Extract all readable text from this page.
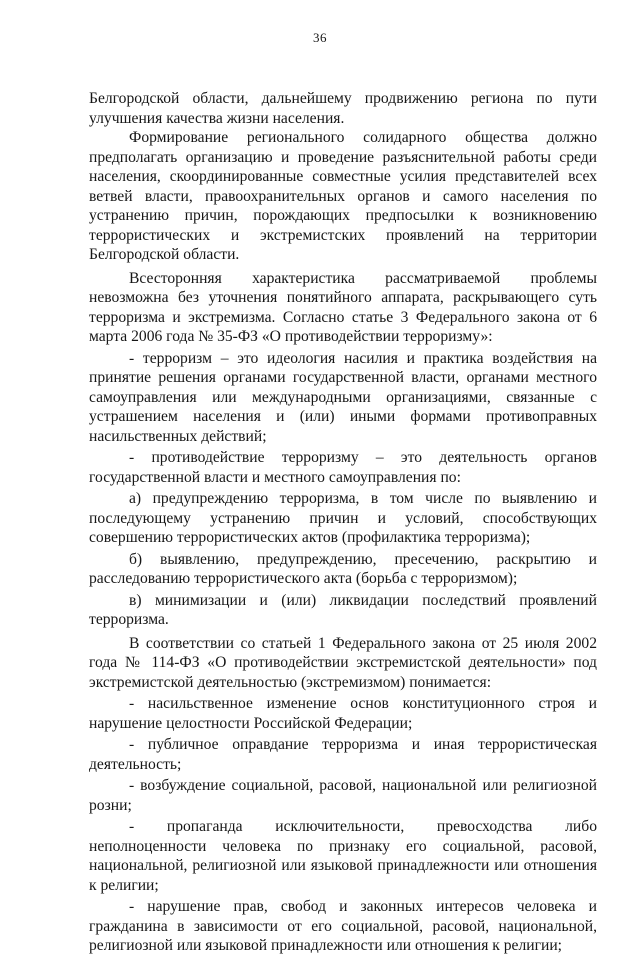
36

Белгородской области, дальнейшему продвижению региона по пути улучшения качества жизни населения.

Формирование регионального солидарного общества должно предполагать организацию и проведение разъяснительной работы среди населения, скоординированные совместные усилия представителей всех ветвей власти, правоохранительных органов и самого населения по устранению причин, порождающих предпосылки к возникновению террористических и экстремистских проявлений на территории Белгородской области.

Всесторонняя характеристика рассматриваемой проблемы невозможна без уточнения понятийного аппарата, раскрывающего суть терроризма и экстремизма. Согласно статье 3 Федерального закона от 6 марта 2006 года № 35-ФЗ «О противодействии терроризму»:

- терроризм – это идеология насилия и практика воздействия на принятие решения органами государственной власти, органами местного самоуправления или международными организациями, связанные с устрашением населения и (или) иными формами противоправных насильственных действий;

- противодействие терроризму – это деятельность органов государственной власти и местного самоуправления по:

а) предупреждению терроризма, в том числе по выявлению и последующему устранению причин и условий, способствующих совершению террористических актов (профилактика терроризма);

б) выявлению, предупреждению, пресечению, раскрытию и расследованию террористического акта (борьба с терроризмом);

в) минимизации и (или) ликвидации последствий проявлений терроризма.

В соответствии со статьей 1 Федерального закона от 25 июля 2002 года № 114-ФЗ «О противодействии экстремистской деятельности» под экстремистской деятельностью (экстремизмом) понимается:

- насильственное изменение основ конституционного строя и нарушение целостности Российской Федерации;

- публичное оправдание терроризма и иная террористическая деятельность;

- возбуждение социальной, расовой, национальной или религиозной розни;

- пропаганда исключительности, превосходства либо неполноценности человека по признаку его социальной, расовой, национальной, религиозной или языковой принадлежности или отношения к религии;

- нарушение прав, свобод и законных интересов человека и гражданина в зависимости от его социальной, расовой, национальной, религиозной или языковой принадлежности или отношения к религии;
